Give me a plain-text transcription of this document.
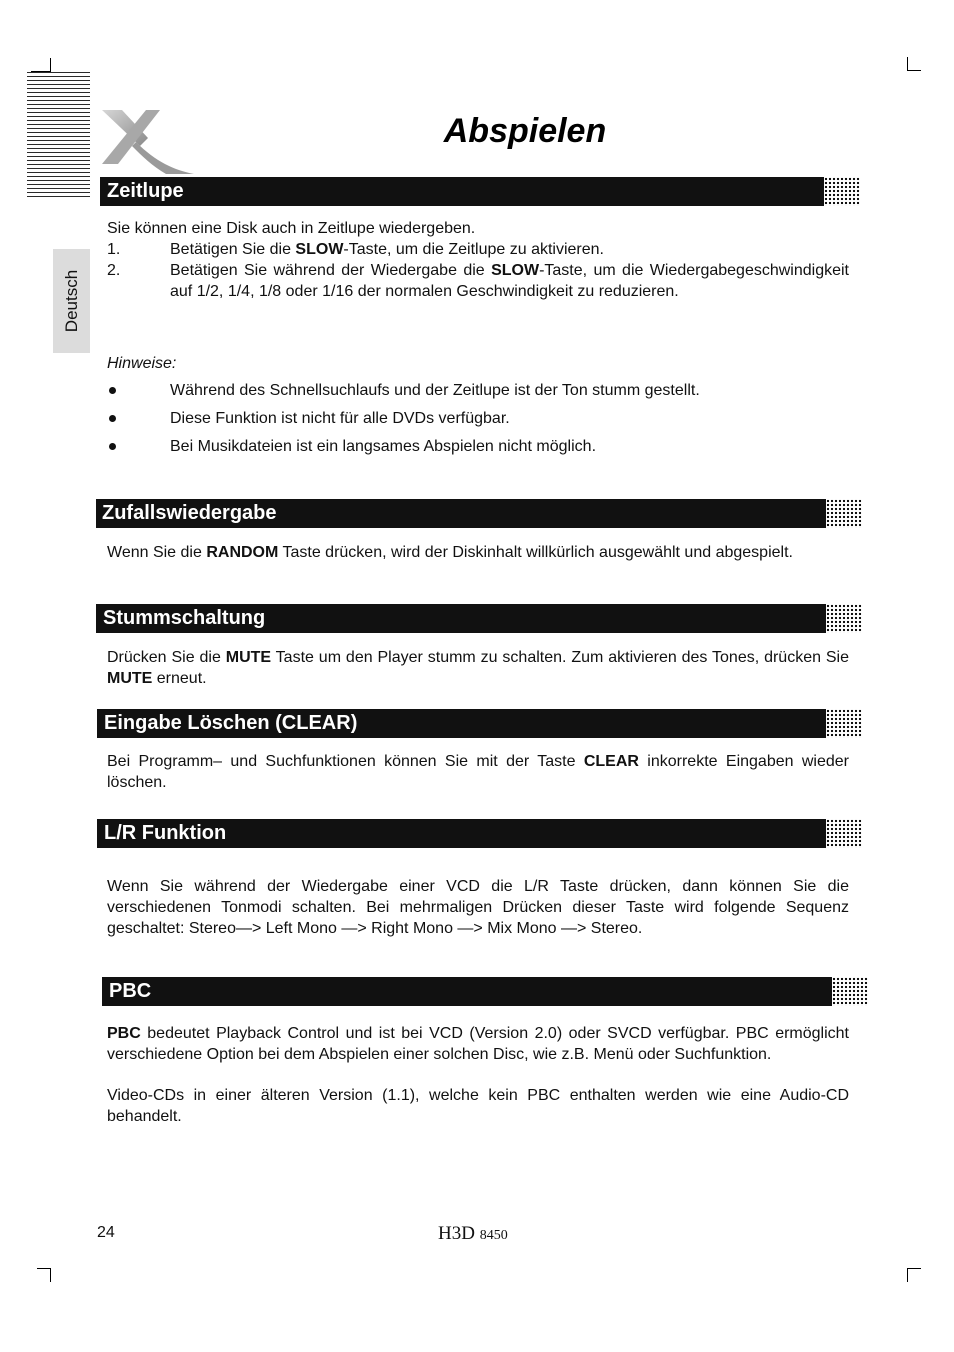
Abspielen
Deutsch
Zeitlupe
Sie können eine Disk auch in Zeitlupe wiedergeben.
1.	Betätigen Sie die SLOW-Taste, um die Zeitlupe zu aktivieren.
2.	Betätigen Sie während der Wiedergabe die SLOW-Taste, um die Wiedergabegeschwindigkeit auf 1/2, 1/4, 1/8 oder 1/16 der normalen Geschwindigkeit zu reduzieren.
Hinweise:
Während des Schnellsuchlaufs und der Zeitlupe ist der Ton stumm gestellt.
Diese Funktion ist nicht für alle DVDs verfügbar.
Bei Musikdateien ist ein langsames Abspielen nicht möglich.
Zufallswiedergabe
Wenn Sie die RANDOM Taste drücken, wird der Diskinhalt willkürlich ausgewählt und abgespielt.
Stummschaltung
Drücken Sie die MUTE Taste um den Player stumm zu schalten. Zum aktivieren des Tones, drücken Sie MUTE erneut.
Eingabe Löschen (CLEAR)
Bei Programm– und Suchfunktionen können Sie mit der Taste CLEAR inkorrekte Eingaben wieder löschen.
L/R Funktion
Wenn Sie während der Wiedergabe einer VCD die L/R Taste drücken, dann können Sie die verschiedenen Tonmodi schalten. Bei mehrmaligen Drücken dieser Taste wird folgende Sequenz geschaltet: Stereo—> Left Mono —> Right Mono —> Mix Mono —> Stereo.
PBC
PBC bedeutet Playback Control und ist bei VCD (Version 2.0) oder SVCD verfügbar. PBC ermöglicht verschiedene Option bei dem Abspielen einer solchen Disc, wie z.B. Menü oder Suchfunktion.
Video-CDs in einer älteren Version (1.1), welche kein PBC enthalten werden wie eine Audio-CD behandelt.
24	H3D 8450
